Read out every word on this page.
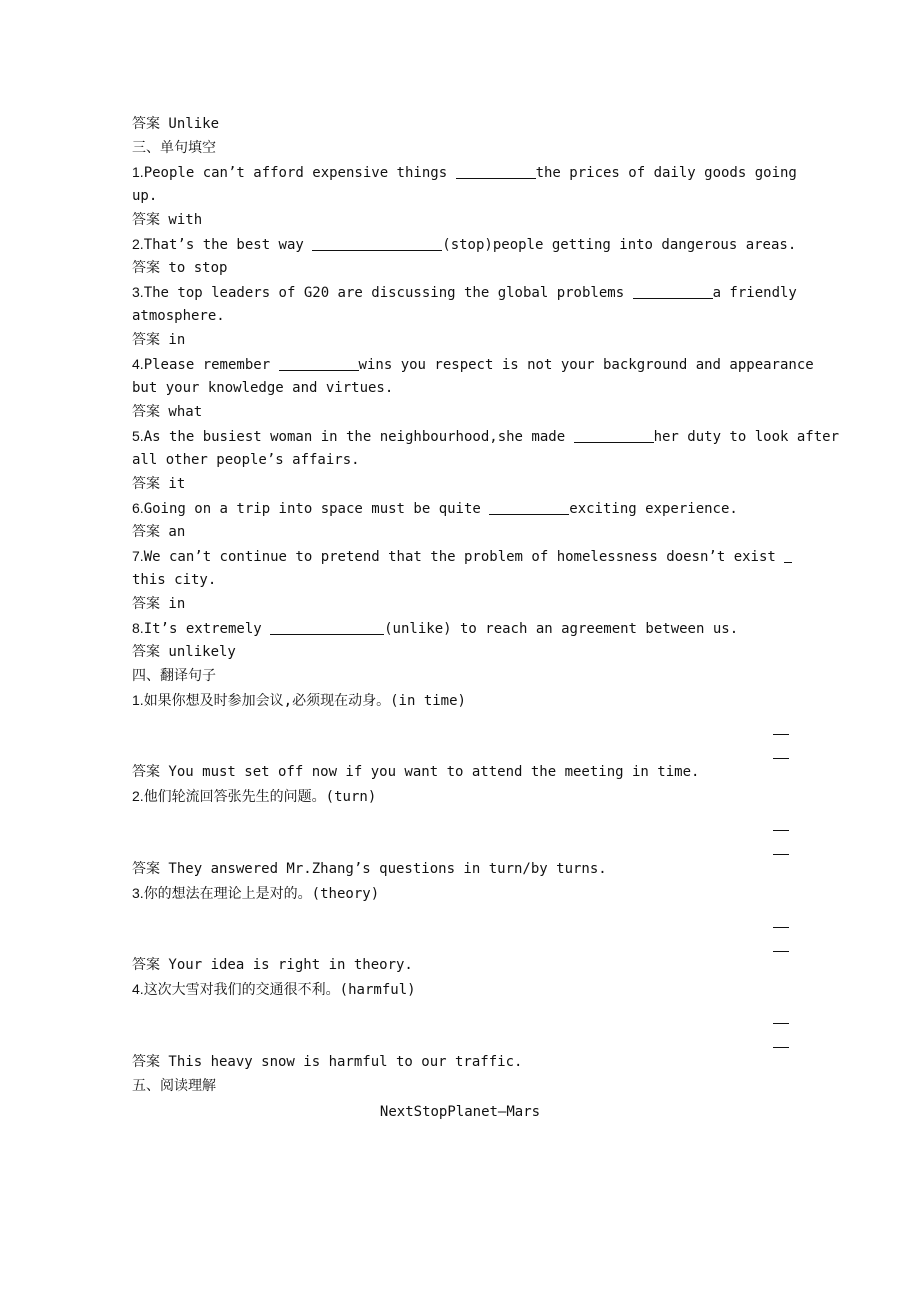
答案 Unlike
三、单句填空
1.People can’t afford expensive things	the prices of daily goods going
up.
答案 with
2.That’s the best way	(stop)people getting into dangerous areas.
答案 to stop
3.The top leaders of G20 are discussing the global problems	a friendly
atmosphere.
答案 in
4.Please remember	wins you respect is not your background and appearance
but your knowledge and virtues.
答案 what
5.As the busiest woman in the neighbourhood,she made	her duty to look after
all other people’s affairs.
答案 it
6.Going on a trip into space must be quite	exciting experience.
答案 an
7.We can’t continue to pretend that the problem of homelessness doesn’t exist
this city.
答案 in
8.It’s extremely	(unlike) to reach an agreement between us.
答案 unlikely
四、翻译句子
1.如果你想及时参加会议,必须现在动身。(in time)
答案 You must set off now if you want to attend the meeting in time.
2.他们轮流回答张先生的问题。(turn)
答案 They answered Mr.Zhang’s questions in turn/by turns.
3.你的想法在理论上是对的。(theory)
答案 Your idea is right in theory.
4.这次大雪对我们的交通很不利。(harmful)
答案 This heavy snow is harmful to our traffic.
五、阅读理解
NextStopPlanet—Mars
